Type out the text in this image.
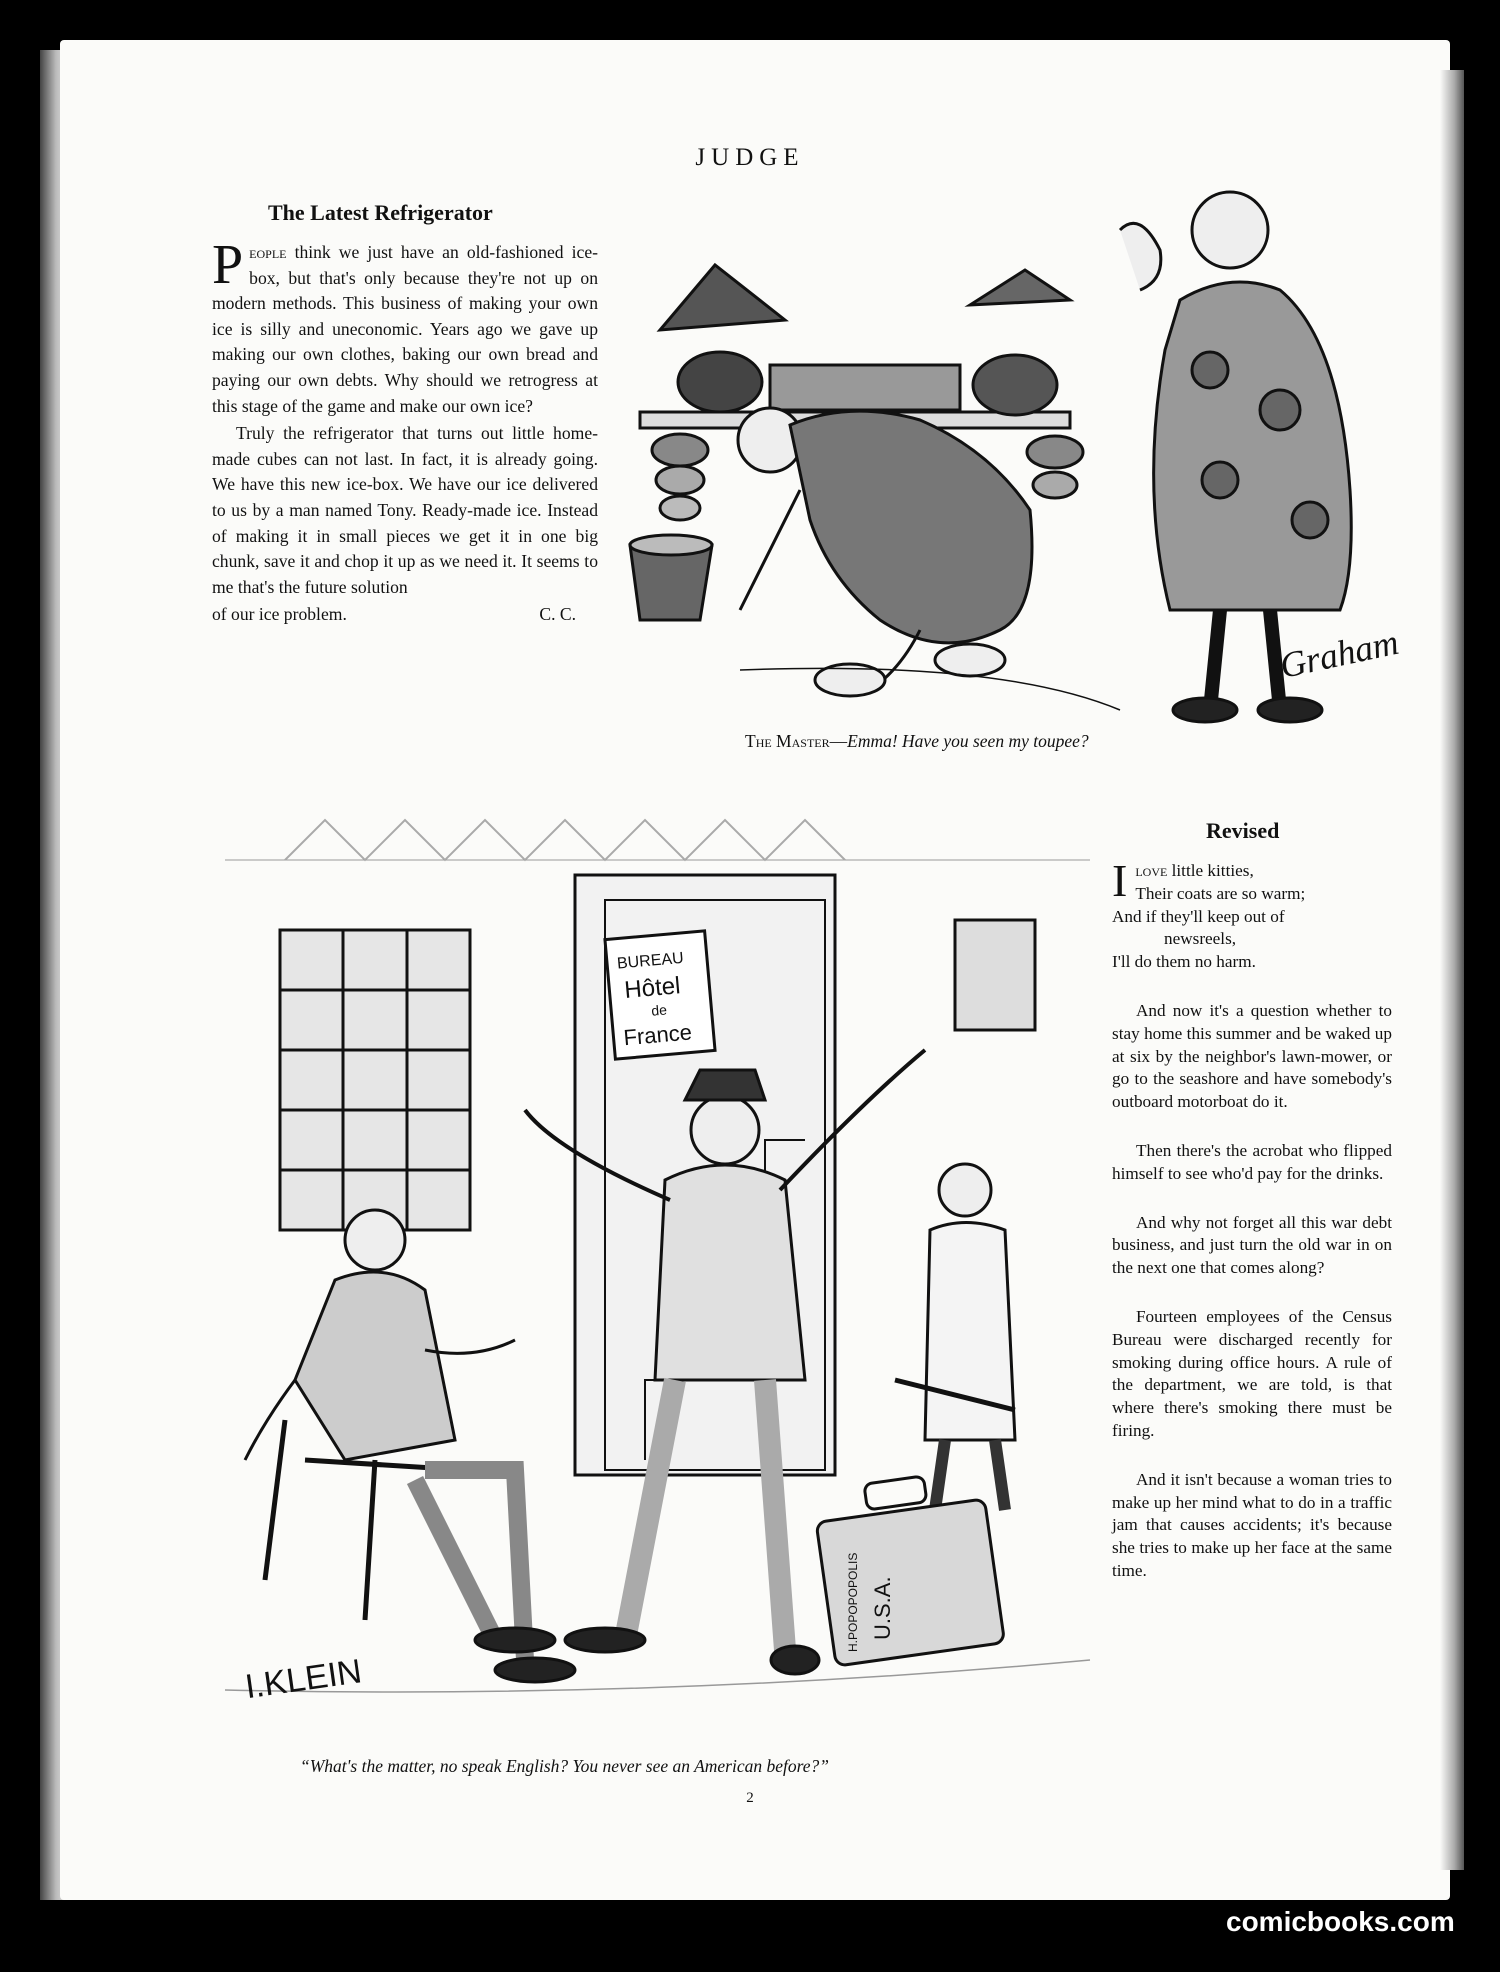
JUDGE
The Latest Refrigerator

People think we just have an old-fashioned ice-box, but that's only because they're not up on modern methods. This business of making your own ice is silly and uneconomic. Years ago we gave up making our own clothes, baking our own bread and paying our own debts. Why should we retrogress at this stage of the game and make our own ice?

Truly the refrigerator that turns out little home-made cubes can not last. In fact, it is already going. We have this new ice-box. We have our ice delivered to us by a man named Tony. Ready-made ice. Instead of making it in small pieces we get it in one big chunk, save it and chop it up as we need it. It seems to me that's the future solution

of our ice problem.	C. C.
Graham
The Master—Emma! Have you seen my toupee?
BUREAU
Hôtel
de
France
H.POPOPOPOLIS U.S.A.
I.KLEIN
“What's the matter, no speak English? You never see an American before?”
Revised
Ilove little kitties,
Their coats are so warm;
And if they'll keep out of
newsreels,
I'll do them no harm.

And now it's a question whether to stay home this summer and be waked up at six by the neighbor's lawn-mower, or go to the seashore and have somebody's outboard motorboat do it.

Then there's the acrobat who flipped himself to see who'd pay for the drinks.

And why not forget all this war debt business, and just turn the old war in on the next one that comes along?

Fourteen employees of the Census Bureau were discharged recently for smoking during office hours. A rule of the department, we are told, is that where there's smoking there must be firing.

And it isn't because a woman tries to make up her mind what to do in a traffic jam that causes accidents; it's because she tries to make up her face at the same time.

2
comicbooks.com
